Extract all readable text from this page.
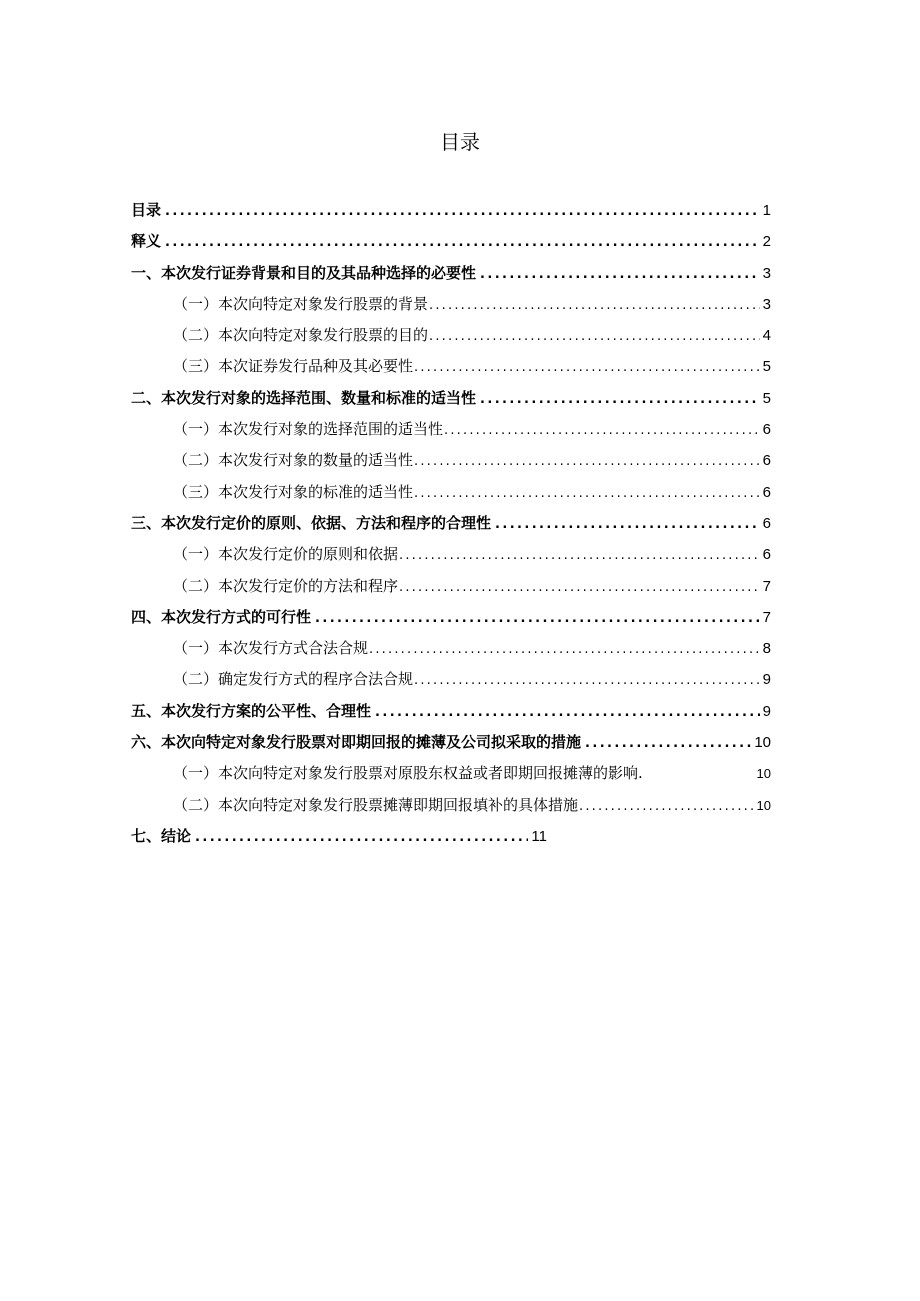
目录
目录 .....	1
释义 .....	2
一、本次发行证券背景和目的及其品种选择的必要性 .....	3
（一）本次向特定对象发行股票的背景 .....	3
（二）本次向特定对象发行股票的目的 .....	4
（三）本次证券发行品种及其必要性 .....	5
二、本次发行对象的选择范围、数量和标准的适当性 .....	5
（一）本次发行对象的选择范围的适当性 .....	6
（二）本次发行对象的数量的适当性 .....	6
（三）本次发行对象的标准的适当性 .....	6
三、本次发行定价的原则、依据、方法和程序的合理性 .....	6
（一）本次发行定价的原则和依据 .....	6
（二）本次发行定价的方法和程序 .....	7
四、本次发行方式的可行性 .....	7
（一）本次发行方式合法合规 .....	8
（二）确定发行方式的程序合法合规 .....	9
五、本次发行方案的公平性、合理性 .....	9
六、本次向特定对象发行股票对即期回报的摊薄及公司拟采取的措施 .....	10
（一）本次向特定对象发行股票对原股东权益或者即期回报摊薄的影响.	10
（二）本次向特定对象发行股票摊薄即期回报填补的具体措施 .....	10
七、结论 .....	11
